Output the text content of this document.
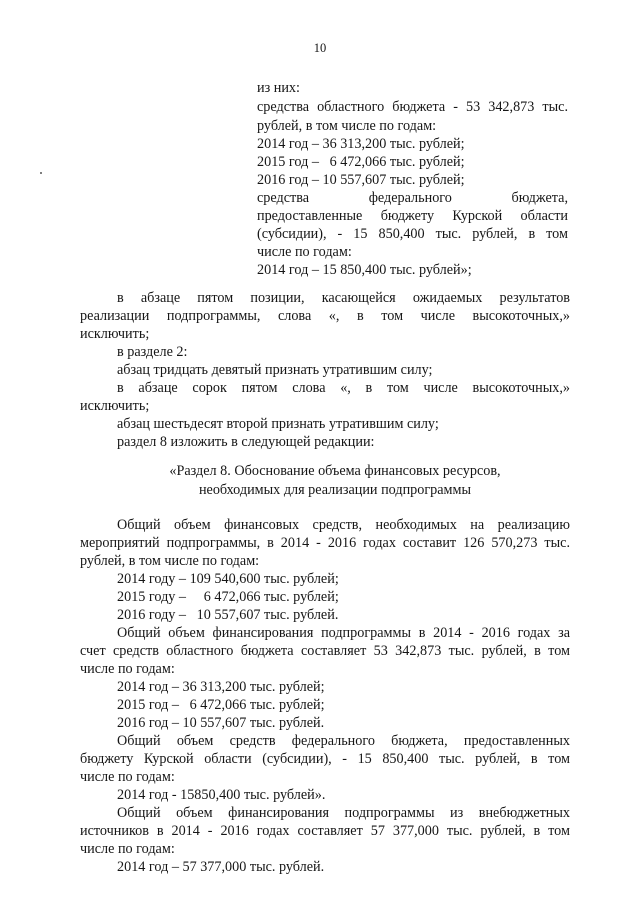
10

из них:

средства областного бюджета - 53 342,873 тыс.

рублей, в том числе по годам:

2014 год – 36 313,200 тыс. рублей;

2015 год –   6 472,066 тыс. рублей;

2016 год – 10 557,607 тыс. рублей;

средства федерального бюджета,

предоставленные бюджету Курской области

(субсидии), - 15 850,400 тыс. рублей, в том

числе по годам:

2014 год – 15 850,400 тыс. рублей»;

в абзаце пятом позиции, касающейся ожидаемых результатов

реализации подпрограммы, слова «, в том числе высокоточных,»

исключить;

в разделе 2:

абзац тридцать девятый признать утратившим силу;

в абзаце сорок пятом слова «, в том числе высокоточных,»

исключить;

абзац шестьдесят второй признать утратившим силу;

раздел 8 изложить в следующей редакции:

«Раздел 8. Обоснование объема финансовых ресурсов,

необходимых для реализации подпрограммы

Общий объем финансовых средств, необходимых на реализацию

мероприятий подпрограммы, в 2014 - 2016 годах составит 126 570,273 тыс.

рублей, в том числе по годам:

2014 году – 109 540,600 тыс. рублей;

2015 году –     6 472,066 тыс. рублей;

2016 году –   10 557,607 тыс. рублей.

Общий объем финансирования подпрограммы в 2014 - 2016 годах за

счет средств областного бюджета составляет 53 342,873 тыс. рублей, в том

числе по годам:

2014 год – 36 313,200 тыс. рублей;

2015 год –   6 472,066 тыс. рублей;

2016 год – 10 557,607 тыс. рублей.

Общий объем средств федерального бюджета, предоставленных

бюджету Курской области (субсидии), - 15 850,400 тыс. рублей, в том

числе по годам:

2014 год - 15850,400 тыс. рублей».

Общий объем финансирования подпрограммы из внебюджетных

источников в 2014 - 2016 годах составляет 57 377,000 тыс. рублей, в том

числе по годам:

2014 год – 57 377,000 тыс. рублей.
